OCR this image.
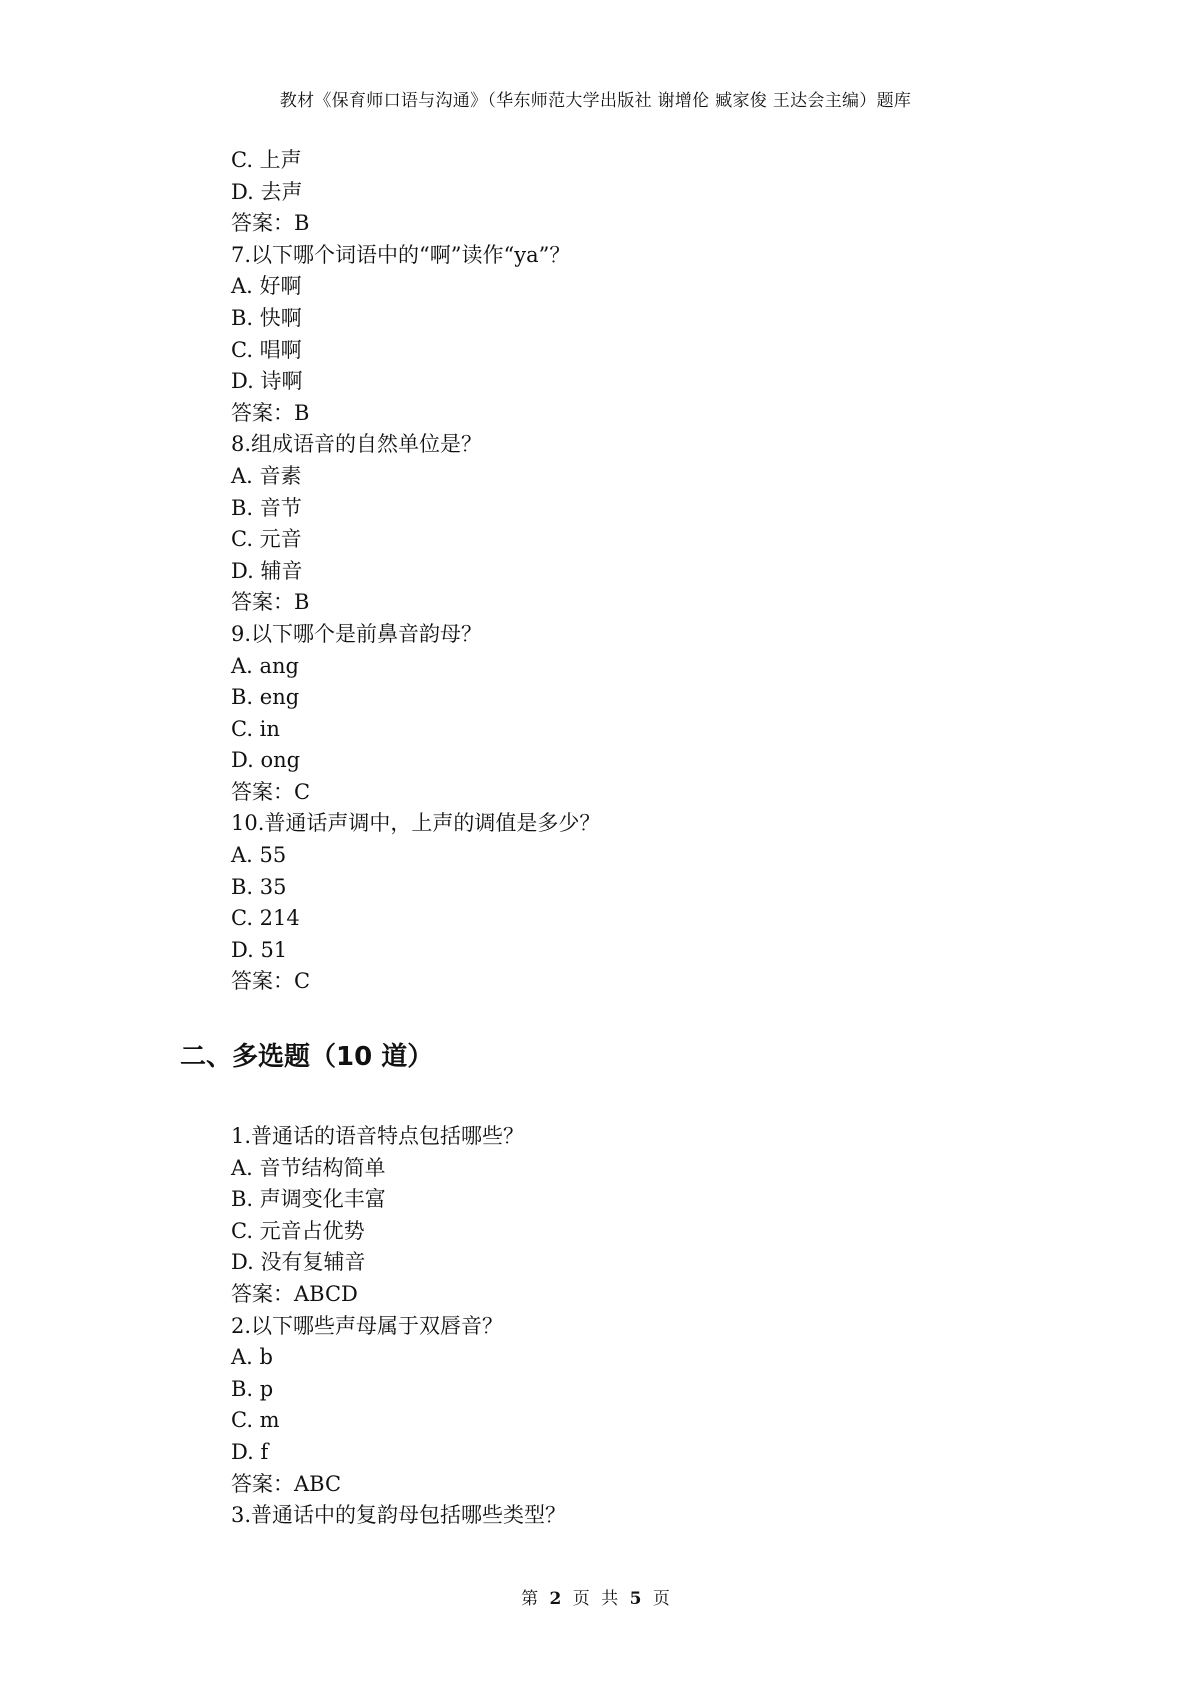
教材《保育师口语与沟通》（华东师范大学出版社 谢增伦 臧家俊 王达会主编）题库
C. 上声
D. 去声
答案：B
7.以下哪个词语中的“啊”读作“ya”？
A. 好啊
B. 快啊
C. 唱啊
D. 诗啊
答案：B
8.组成语音的自然单位是？
A. 音素
B. 音节
C. 元音
D. 辅音
答案：B
9.以下哪个是前鼻音韵母？
A. ang
B. eng
C. in
D. ong
答案：C
10.普通话声调中，上声的调值是多少？
A. 55
B. 35
C. 214
D. 51
答案：C
二、多选题（10 道）
1.普通话的语音特点包括哪些？
A. 音节结构简单
B. 声调变化丰富
C. 元音占优势
D. 没有复辅音
答案：ABCD
2.以下哪些声母属于双唇音？
A. b
B. p
C. m
D. f
答案：ABC
3.普通话中的复韵母包括哪些类型？
第 2 页 共 5 页
